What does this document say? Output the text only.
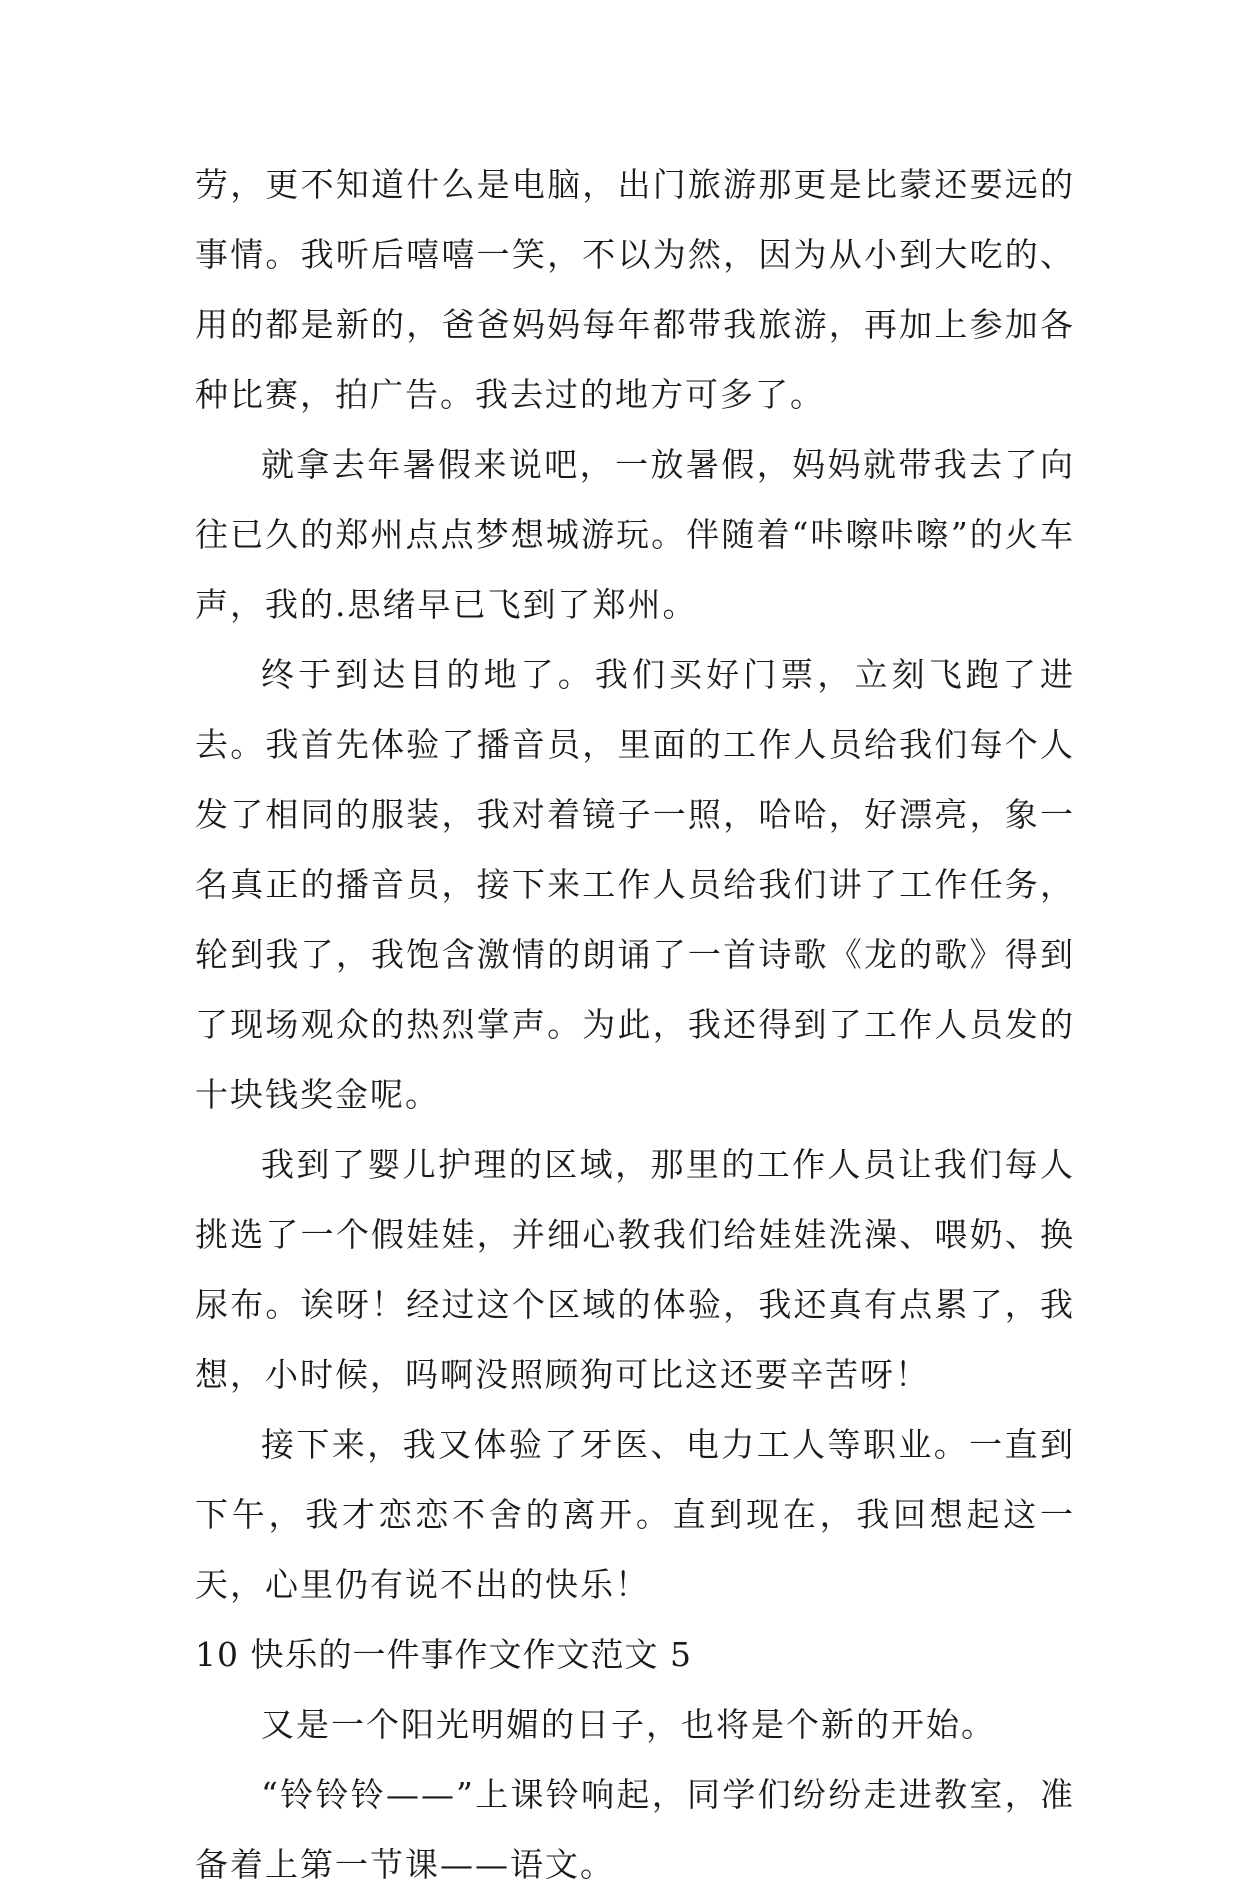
劳，更不知道什么是电脑，出门旅游那更是比蒙还要远的事情。我听后嘻嘻一笑，不以为然，因为从小到大吃的、用的都是新的，爸爸妈妈每年都带我旅游，再加上参加各种比赛，拍广告。我去过的地方可多了。

就拿去年暑假来说吧，一放暑假，妈妈就带我去了向往已久的郑州点点梦想城游玩。伴随着“咔嚓咔嚓”的火车声，我的.思绪早已飞到了郑州。

终于到达目的地了。我们买好门票，立刻飞跑了进去。我首先体验了播音员，里面的工作人员给我们每个人发了相同的服装，我对着镜子一照，哈哈，好漂亮，象一名真正的播音员，接下来工作人员给我们讲了工作任务，轮到我了，我饱含激情的朗诵了一首诗歌《龙的歌》得到了现场观众的热烈掌声。为此，我还得到了工作人员发的十块钱奖金呢。

我到了婴儿护理的区域，那里的工作人员让我们每人挑选了一个假娃娃，并细心教我们给娃娃洗澡、喂奶、换尿布。诶呀！经过这个区域的体验，我还真有点累了，我想，小时候，吗啊没照顾狗可比这还要辛苦呀！

接下来，我又体验了牙医、电力工人等职业。一直到下午，我才恋恋不舍的离开。直到现在，我回想起这一天，心里仍有说不出的快乐！

10 快乐的一件事作文作文范文 5

又是一个阳光明媚的日子，也将是个新的开始。

“铃铃铃——”上课铃响起，同学们纷纷走进教室，准备着上第一节课——语文。
